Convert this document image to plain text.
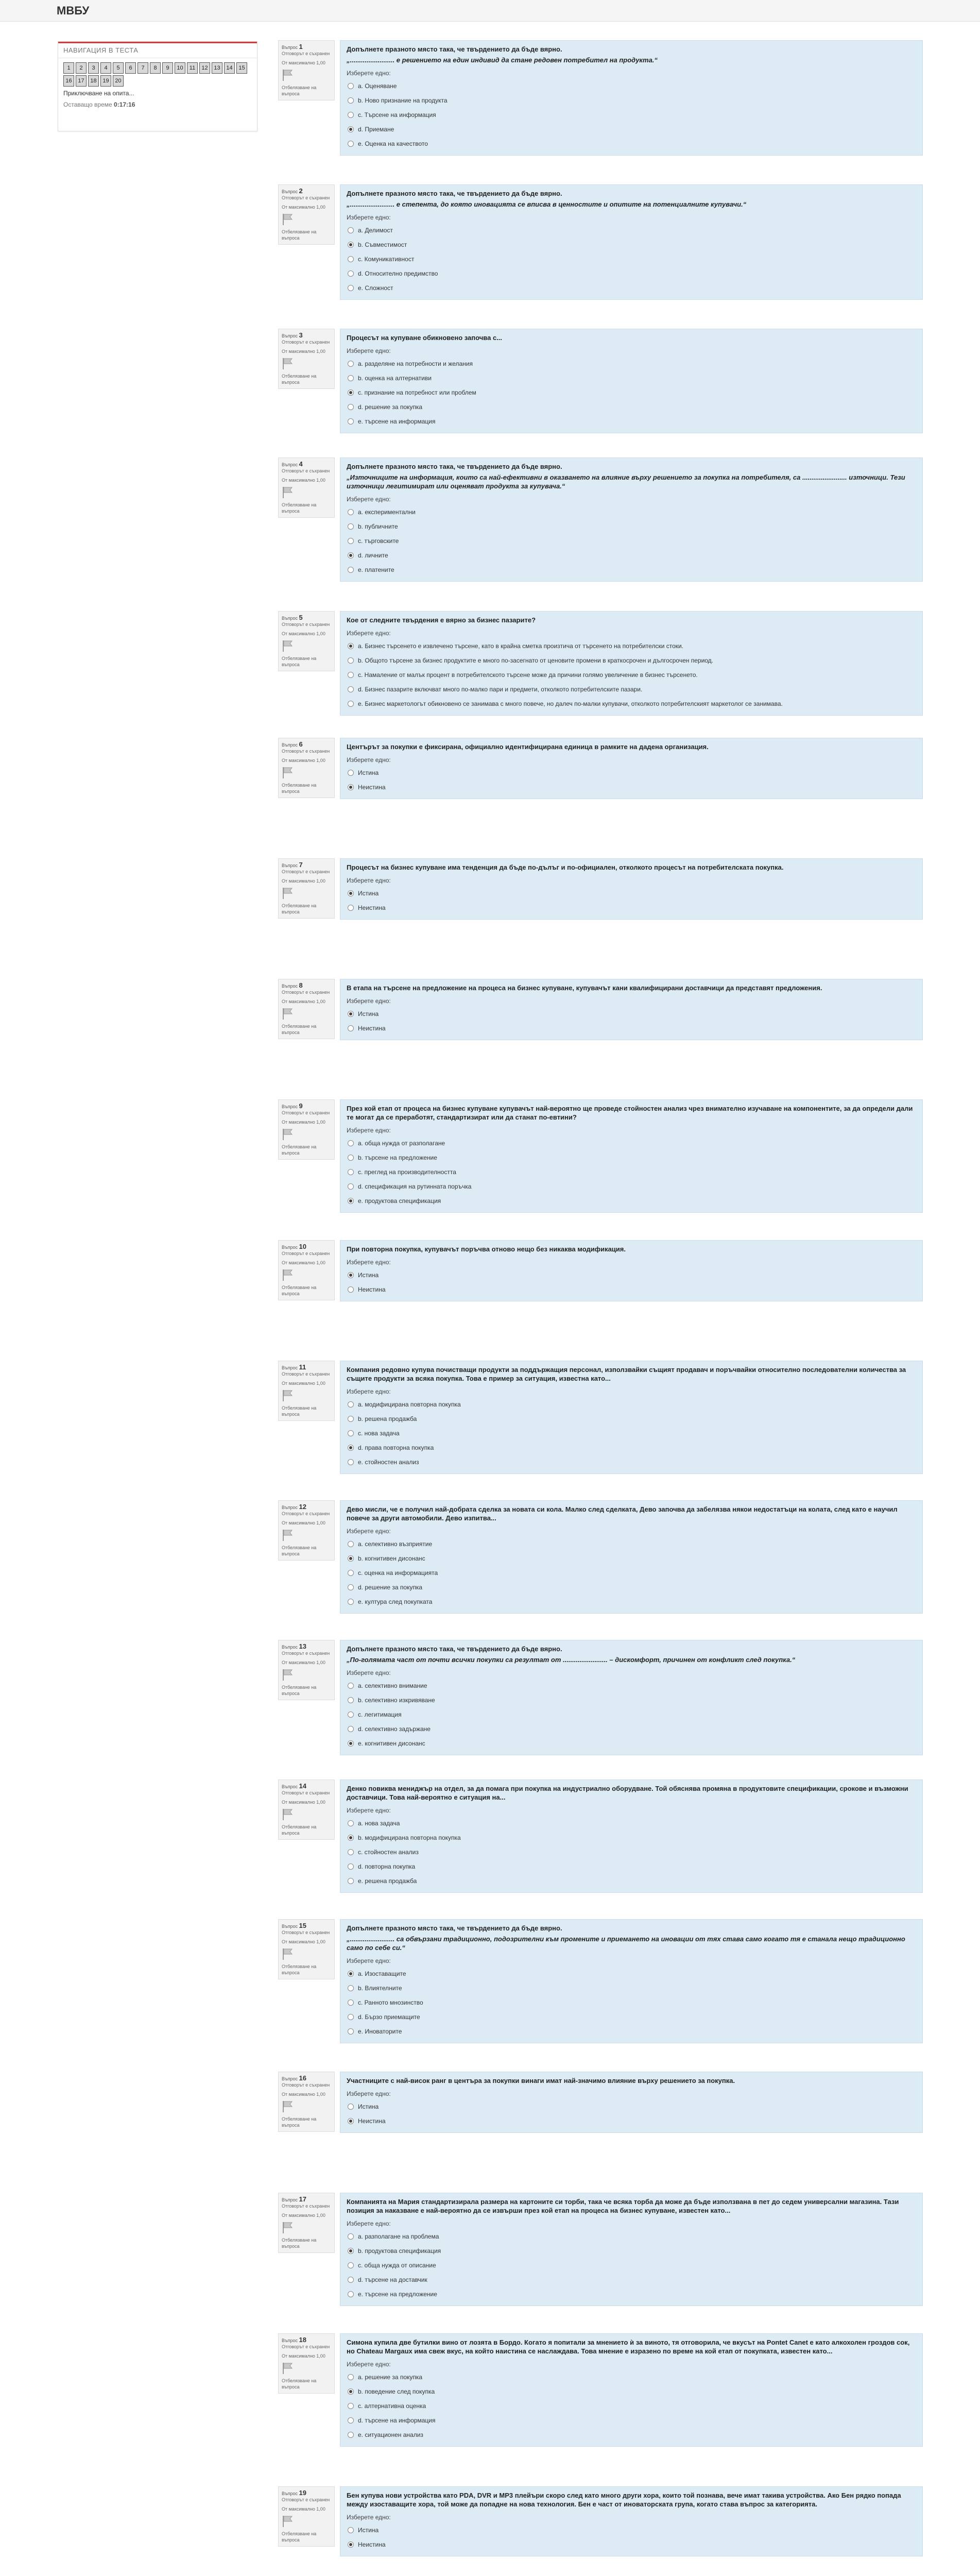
МВБУ
НАВИГАЦИЯ В ТЕСТА
1	2	3	4	5	6	7	8	9	10	11	12	13	14	15
16	17	18	19	20
Приключване на опита...
Оставащо време 0:17:16
Въпрос 1
Отговорът е съхранен
От максимално 1,00
Отбелязване на въпроса
Допълнете празното място така, че твърдението да бъде вярно.
„........................ е решението на един индивид да стане редовен потребител на продукта.“
Изберете едно:
a. Оценяване
b. Ново признание на продукта
c. Търсене на информация
d. Приемане
e. Оценка на качеството
Въпрос 2
Отговорът е съхранен
От максимално 1,00
Отбелязване на въпроса
Допълнете празното място така, че твърдението да бъде вярно.
„........................ е степента, до която иновацията се вписва в ценностите и опитите на потенциалните купувачи.“
Изберете едно:
a. Делимост
b. Съвместимост
c. Комуникативност
d. Относително предимство
e. Сложност
Въпрос 3
Отговорът е съхранен
От максимално 1,00
Отбелязване на въпроса
Процесът на купуване обикновено започва с...
Изберете едно:
a. разделяне на потребности и желания
b. оценка на алтернативи
c. признание на потребност или проблем
d. решение за покупка
e. търсене на информация
Въпрос 4
Отговорът е съхранен
От максимално 1,00
Отбелязване на въпроса
Допълнете празното място така, че твърдението да бъде вярно.
„Източниците на информация, които са най-ефективни в оказването на влияние върху решението за покупка на потребителя, са ........................ източници. Тези източници легитимират или оценяват продукта за купувача.“
Изберете едно:
a. експериментални
b. публичните
c. търговските
d. личните
e. платените
Въпрос 5
Отговорът е съхранен
От максимално 1,00
Отбелязване на въпроса
Кое от следните твърдения е вярно за бизнес пазарите?
Изберете едно:
a. Бизнес търсенето е извлечено търсене, като в крайна сметка произтича от търсенето на потребителски стоки.
b. Общото търсене за бизнес продуктите е много по-засегнато от ценовите промени в краткосрочен и дългосрочен период.
c. Намаление от малък процент в потребителското търсене може да причини голямо увеличение в бизнес търсенето.
d. Бизнес пазарите включват много по-малко пари и предмети, отколкото потребителските пазари.
e. Бизнес маркетологът обикновено се занимава с много повече, но далеч по-малки купувачи, отколкото потребителският маркетолог се занимава.
Въпрос 6
Отговорът е съхранен
От максимално 1,00
Отбелязване на въпроса
Центърът за покупки е фиксирана, официално идентифицирана единица в рамките на дадена организация.
Изберете едно:
Истина
Неистина
Въпрос 7
Отговорът е съхранен
От максимално 1,00
Отбелязване на въпроса
Процесът на бизнес купуване има тенденция да бъде по-дълъг и по-официален, отколкото процесът на потребителската покупка.
Изберете едно:
Истина
Неистина
Въпрос 8
Отговорът е съхранен
От максимално 1,00
Отбелязване на въпроса
В етапа на търсене на предложение на процеса на бизнес купуване, купувачът кани квалифицирани доставчици да представят предложения.
Изберете едно:
Истина
Неистина
Въпрос 9
Отговорът е съхранен
От максимално 1,00
Отбелязване на въпроса
През кой етап от процеса на бизнес купуване купувачът най-вероятно ще проведе стойностен анализ чрез внимателно изучаване на компонентите, за да определи дали те могат да се преработят, стандартизират или да станат по-евтини?
Изберете едно:
a. обща нужда от разполагане
b. търсене на предложение
c. преглед на производителността
d. спецификация на рутинната поръчка
e. продуктова спецификация
Въпрос 10
Отговорът е съхранен
От максимално 1,00
Отбелязване на въпроса
При повторна покупка, купувачът поръчва отново нещо без никаква модификация.
Изберете едно:
Истина
Неистина
Въпрос 11
Отговорът е съхранен
От максимално 1,00
Отбелязване на въпроса
Компания редовно купува почистващи продукти за поддържащия персонал, използвайки същият продавач и поръчвайки относително последователни количества за същите продукти за всяка покупка. Това е пример за ситуация, известна като...
Изберете едно:
a. модифицирана повторна покупка
b. решена продажба
c. нова задача
d. права повторна покупка
e. стойностен анализ
Въпрос 12
Отговорът е съхранен
От максимално 1,00
Отбелязване на въпроса
Дево мисли, че е получил най-добрата сделка за новата си кола. Малко след сделката, Дево започва да забелязва някои недостатъци на колата, след като е научил повече за други автомобили. Дево изпитва...
Изберете едно:
a. селективно възприятие
b. когнитивен дисонанс
c. оценка на информацията
d. решение за покупка
e. култура след покупката
Въпрос 13
Отговорът е съхранен
От максимално 1,00
Отбелязване на въпроса
Допълнете празното място така, че твърдението да бъде вярно.
„По-голямата част от почти всички покупки са резултат от ........................ – дискомфорт, причинен от конфликт след покупка.“
Изберете едно:
a. селективно внимание
b. селективно изкривяване
c. легитимация
d. селективно задържане
e. когнитивен дисонанс
Въпрос 14
Отговорът е съхранен
От максимално 1,00
Отбелязване на въпроса
Денко повиква мениджър на отдел, за да помага при покупка на индустриално оборудване. Той обяснява промяна в продуктовите спецификации, срокове и възможни доставчици. Това най-вероятно е ситуация на...
Изберете едно:
a. нова задача
b. модифицирана повторна покупка
c. стойностен анализ
d. повторна покупка
e. решена продажба
Въпрос 15
Отговорът е съхранен
От максимално 1,00
Отбелязване на въпроса
Допълнете празното място така, че твърдението да бъде вярно.
„........................ са обвързани традиционно, подозрителни към промените и приемането на иновации от тях става само когато тя е станала нещо традиционно само по себе си.“
Изберете едно:
a. Изоставащите
b. Влиятелните
c. Ранното мнозинство
d. Бързо приемащите
e. Иноваторите
Въпрос 16
Отговорът е съхранен
От максимално 1,00
Отбелязване на въпроса
Участниците с най-висок ранг в центъра за покупки винаги имат най-значимо влияние върху решението за покупка.
Изберете едно:
Истина
Неистина
Въпрос 17
Отговорът е съхранен
От максимално 1,00
Отбелязване на въпроса
Компанията на Мария стандартизирала размера на картоните си торби, така че всяка торба да може да бъде използвана в пет до седем универсални магазина. Тази позиция за наказване е най-вероятно да се извърши през кой етап на процеса на бизнес купуване, известен като...
Изберете едно:
a. разполагане на проблема
b. продуктова спецификация
c. обща нужда от описание
d. търсене на доставчик
e. търсене на предложение
Въпрос 18
Отговорът е съхранен
От максимално 1,00
Отбелязване на въпроса
Симона купила две бутилки вино от лозята в Бордо. Когато я попитали за мнението ѝ за виното, тя отговорила, че вкусът на Pontet Canet е като алкохолен гроздов сок, но Chateau Margaux има свеж вкус, на който наистина се наслаждава. Това мнение е изразено по време на кой етап от покупката, известен като...
Изберете едно:
a. решение за покупка
b. поведение след покупка
c. алтернативна оценка
d. търсене на информация
e. ситуационен анализ
Въпрос 19
Отговорът е съхранен
От максимално 1,00
Отбелязване на въпроса
Бен купува нови устройства като PDA, DVR и MP3 плейъри скоро след като много други хора, които той познава, вече имат такива устройства. Ако Бен рядко попада между изоставащите хора, той може да попадне на нова технология. Бен е част от иноваторската група, когато става въпрос за категорията.
Изберете едно:
Истина
Неистина
